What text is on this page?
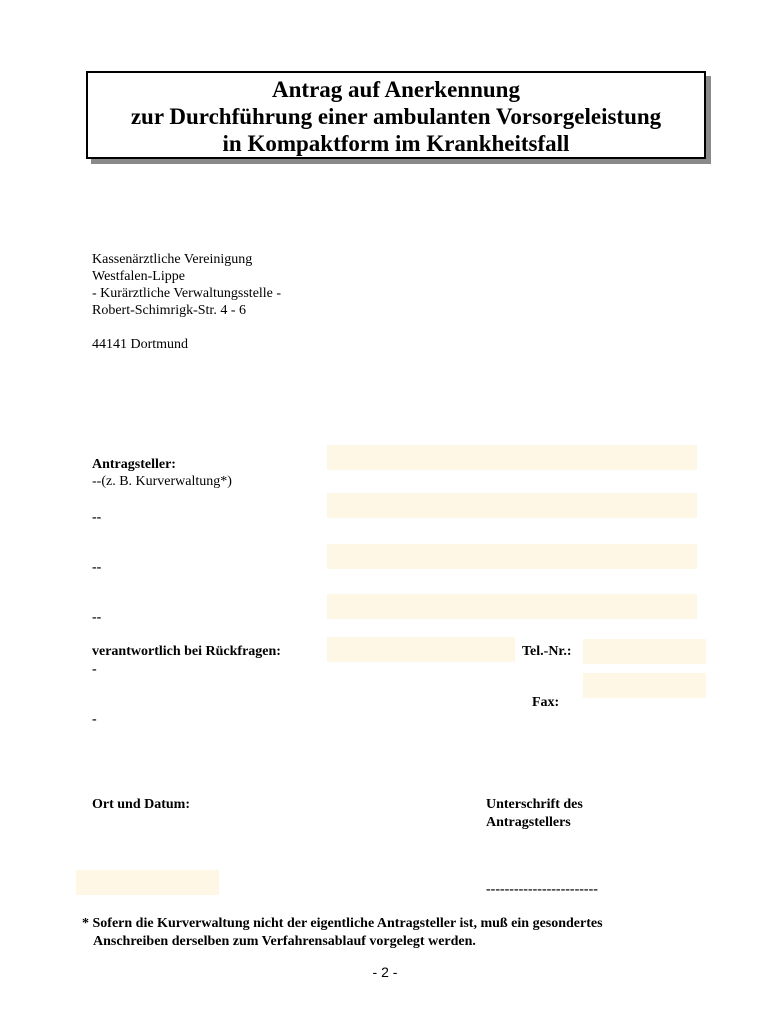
Antrag auf Anerkennung
zur Durchführung einer ambulanten Vorsorgeleistung
in Kompaktform im Krankheitsfall
Kassenärztliche Vereinigung
Westfalen-Lippe
- Kurärztliche Verwaltungsstelle -
Robert-Schimrigk-Str. 4 - 6
44141 Dortmund
Antragsteller:
--(z. B. Kurverwaltung*)
--
--
--
verantwortlich bei Rückfragen:
-
Tel.-Nr.:
Fax:
-
Ort und Datum:	Unterschrift des
Antragstellers
------------------------
* Sofern die Kurverwaltung nicht der eigentliche Antragsteller ist, muß ein gesondertes
Anschreiben derselben zum Verfahrensablauf vorgelegt werden.
- 2 -
